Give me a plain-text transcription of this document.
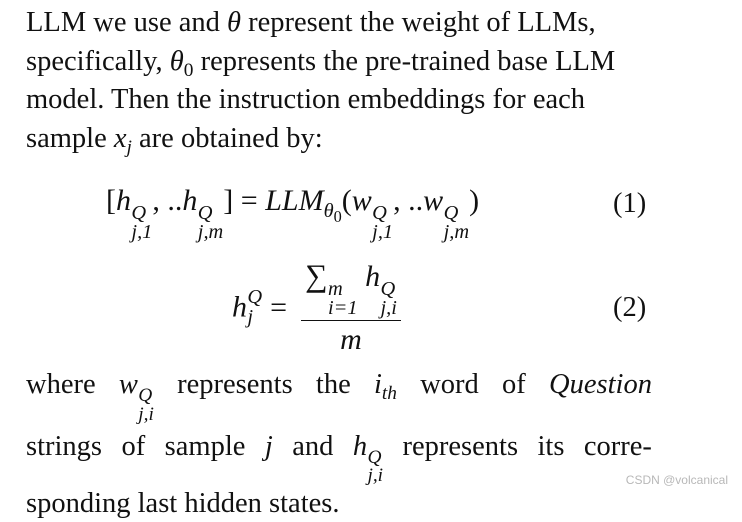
LLM we use and θ represent the weight of LLMs,
specifically, $\theta_0$ represents the pre-trained base LLM
model. Then the instruction embeddings for each
sample $x_j$ are obtained by:
[h Q
j,1
, ..h Q
j,m
] = $LLM_{\theta_0}(w$ Q
j,1
, ..w Q
j,m
)	(1)
h Q
j = ∑ m
i=1
h Q
j,i
m	(2)
where w Q
j,i
represents the $i_{th}$ word of Question
strings of sample j and h Q
j,i
represents its corre-
sponding last hidden states.
CSDN @volcanical
